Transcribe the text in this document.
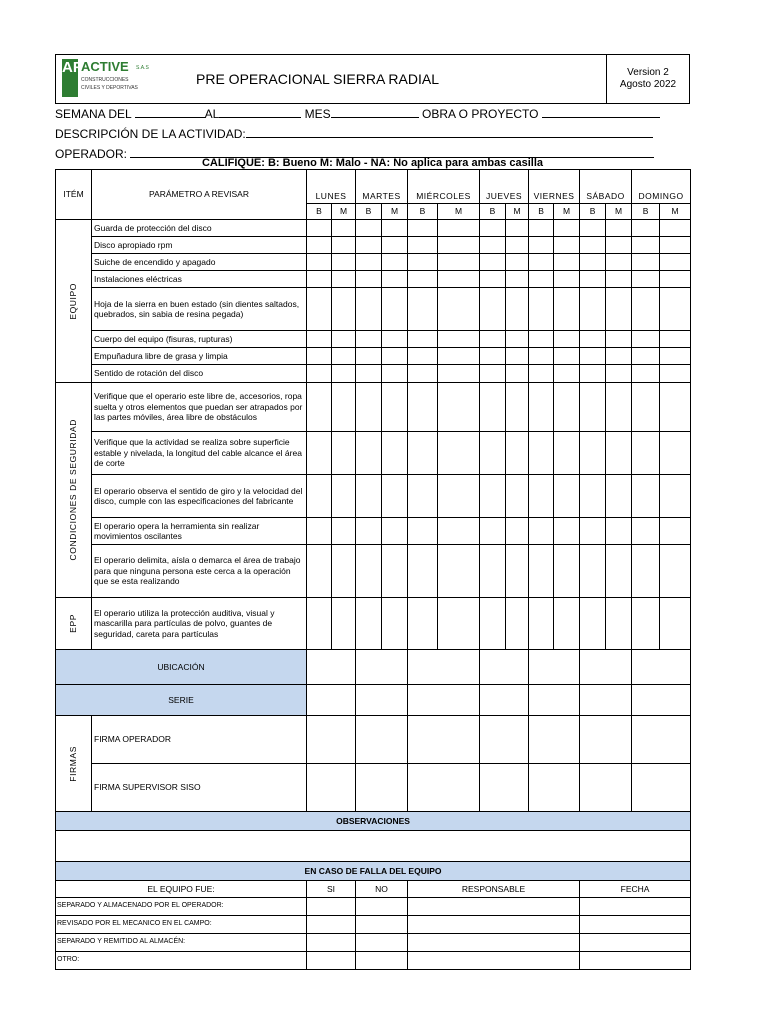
AR
ACTIVE S.A.S
CONSTRUCCIONES
CIVILES Y DEPORTIVAS
	PRE OPERACIONAL SIERRA RADIAL	Version 2
Agosto 2022
SEMANA DEL	AL	MES	OBRA O PROYECTO
DESCRIPCIÓN DE LA ACTIVIDAD:
OPERADOR:
CALIFIQUE: B: Bueno M: Malo - NA: No aplica para ambas casilla
ITÉM	PARÁMETRO A REVISAR	LUNES		MARTES		MIÉRCOLES		JUEVES		VIERNES		SÁBADO		DOMINGO	
		B	M	B	M	B	M	B	M	B	M	B	M	B	M

EQUIPO	Guarda de protección del disco														
	Disco apropiado rpm														
	Suiche de encendido y apagado														
	Instalaciones eléctricas														
	Hoja de la sierra en buen estado (sin dientes saltados, quebrados, sin sabia de resina pegada)														
	Cuerpo del equipo (fisuras, rupturas)														
	Empuñadura libre de grasa y limpia														
	Sentido de rotación del disco														

CONDICIONES DE SEGURIDAD	Verifique que el operario este libre de, accesorios, ropa suelta y otros elementos que puedan ser atrapados por las partes móviles, área libre de obstáculos														
	Verifique que la actividad se realiza sobre superficie estable y nivelada, la longitud del cable alcance el área de corte														
	El operario observa el sentido de giro y la velocidad del disco, cumple con las especificaciones del fabricante														
	El operario opera la herramienta sin realizar movimientos oscilantes														
	El operario delimita, aísla o demarca el área de trabajo para que ninguna persona este cerca a la operación que se esta realizando														

EPP	El operario utiliza la protección auditiva, visual y mascarilla para partículas de polvo, guantes de seguridad, careta para partículas														
UBICACIÓN															
SERIE															

FIRMAS	FIRMA OPERADOR														
	FIRMA SUPERVISOR SISO														
OBSERVACIONES															

EN CASO DE FALLA DEL EQUIPO															
EL EQUIPO FUE:		SI		NO		RESPONSABLE						FECHA			
SEPARADO Y ALMACENADO POR EL OPERADOR:															
REVISADO POR EL MECANICO EN EL CAMPO:															
SEPARADO Y REMITIDO AL ALMACÉN:															
OTRO:															
